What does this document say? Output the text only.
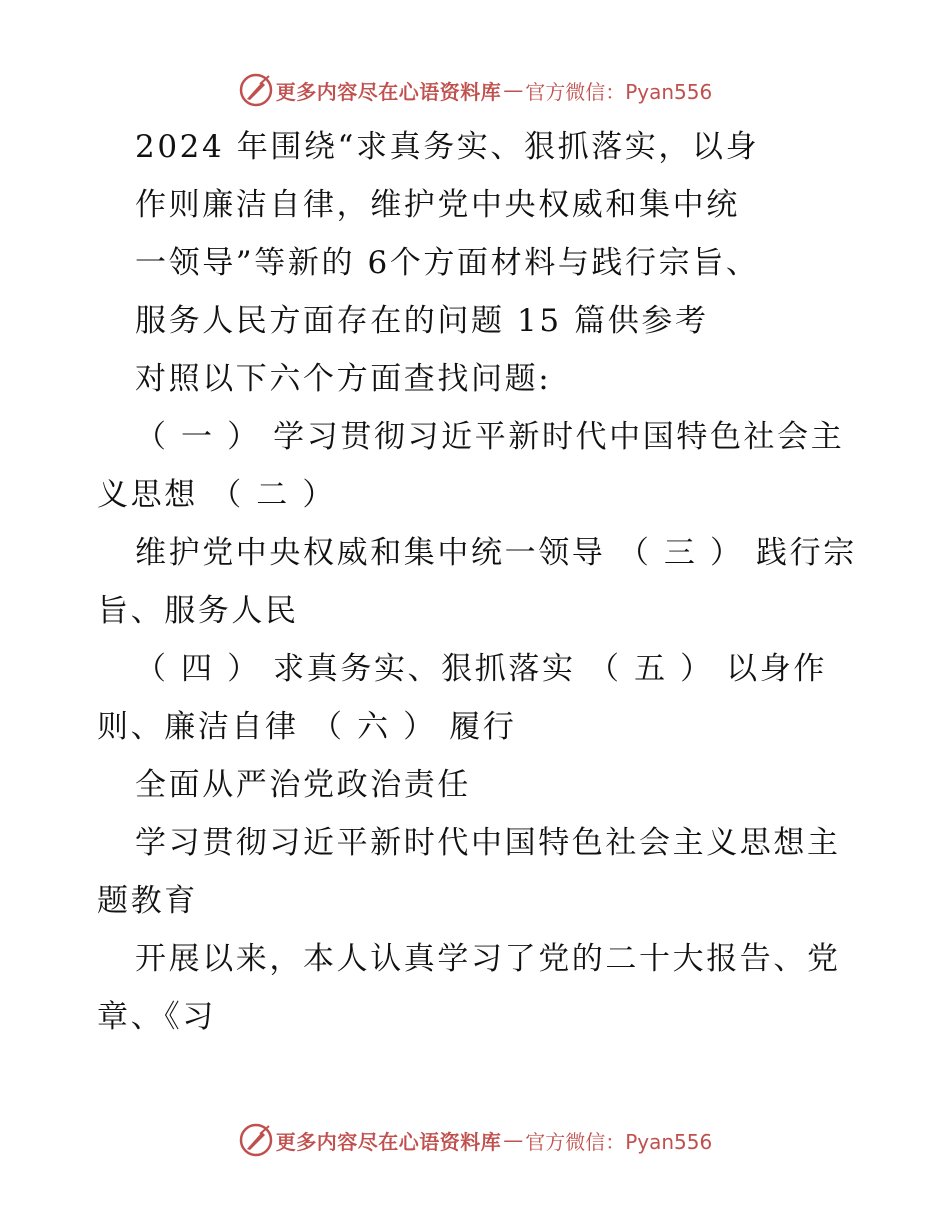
更多内容尽在心语资料库 — 官方微信：Pyan556
2024 年围绕“求真务实、狠抓落实，以身
作则廉洁自律，维护党中央权威和集中统
一领导”等新的 6个方面材料与践行宗旨、
服务人民方面存在的问题 15 篇供参考
对照以下六个方面查找问题:
（ 一 ） 学习贯彻习近平新时代中国特色社会主
义思想 （ 二 ）
维护党中央权威和集中统一领导 （ 三 ） 践行宗
旨、服务人民
（ 四 ） 求真务实、狠抓落实 （ 五 ） 以身作
则、廉洁自律 （ 六 ） 履行
全面从严治党政治责任
学习贯彻习近平新时代中国特色社会主义思想主
题教育
开展以来，本人认真学习了党的二十大报告、党
章、《习
更多内容尽在心语资料库 — 官方微信：Pyan556
